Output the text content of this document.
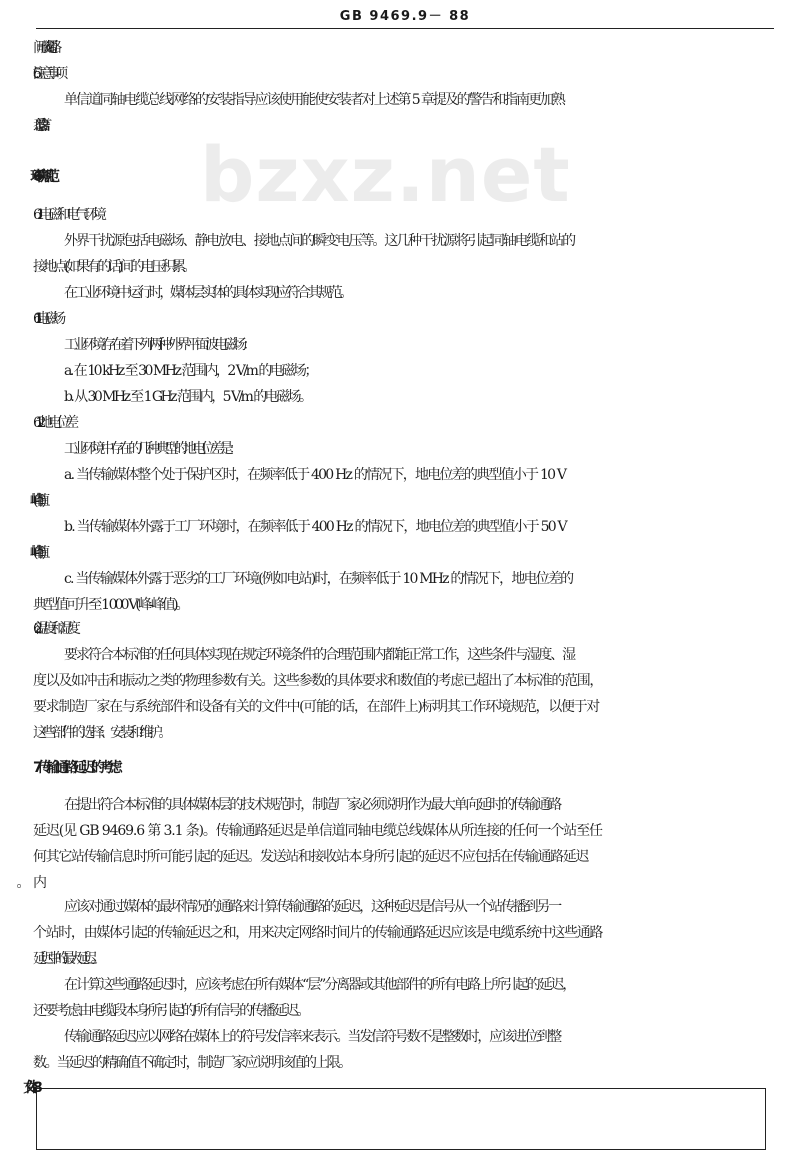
GB 9469.9－ 88
bzxz.net
间形成通路。
5.6 注意事项
单信道同轴电缆总线网络的安装指导应该使用能使安装者对上述第 5 章提及的警告和指南更加熟
悉的语言。
6 环境规范
6.1 电磁和电气环境
外界干扰源包括电磁场、静电放电、接地点间的瞬变电压等。这几种干扰源将引起同轴电缆和站的
接地点(如果有的话)间的电压积累。
在工业环境中运行时，媒体层实体的具体实现应符合其规范。
6.1.1 电磁场
工业环境存在着下列两种外界平面波电磁场：
a. 在 10 kHz 至 30 MHz 范围内，2 V/m 的电磁场；
b. 从 30 MHz 至 1 GHz 范围内，5 V/m 的电磁场。
6.1.2 地电位差
工业环境中存在的几种典型的地电位差是：
a. 当传输媒体整个处于保护区时，在频率低于 400 Hz 的情况下，地电位差的典型值小于 10 V
(峰-峰值)；
b. 当传输媒体外露于工厂环境时，在频率低于 400 Hz 的情况下，地电位差的典型值小于 50 V
(峰-峰值)；
c. 当传输媒体外露于恶劣的工厂环境(例如电站)时，在频率低于 10 MHz 的情况下，地电位差的
典型值可升至 1 000 V(峰-峰值)。
6.2 温度和湿度
要求符合本标准的任何具体实现在规定环境条件的合理范围内都能正常工作，这些条件与湿度、湿
度以及如冲击和振动之类的物理参数有关。这些参数的具体要求和数值的考虑已超出了本标准的范围，
要求制造厂家在与系统部件和设备有关的文件中(可能的话，在部件上)标明其工作环境规范，以便于对
这些部件的选择、安装和维护。
7 传输通路延迟的考虑
在提出符合本标准的具体媒体层的技术规范时，制造厂家必须说明作为最大单向延时的传输通路
延迟(见 GB 9469.6 第 3.1 条)。传输通路延迟是单信道同轴电缆总线媒体从所连接的任何一个站至任
何其它站传输信息时所可能引起的延迟。发送站和接收站本身所引起的延迟不应包括在传输通路延迟
应该对通过媒体的最坏情况的通路来计算传输通路的延迟，这种延迟是信号从一个站传播到另一
个站时，由媒体引起的传输延迟之和，用来决定网络时间片的传输通路延迟应该是电缆系统中这些通路
延迟中的最大延迟。
在计算这些通路延迟时，应该考虑在所有媒体“层”分离器或其他部件的所有电路上所引起的延迟，
还要考虑由电缆段本身所引起的所有信号的传播延迟。
传输通路延迟应以网络在媒体上的符号发信率来表示。当发信符号数不是整数时，应该进位到整
数。当延迟的精确值不确定时，制造厂家应说明该值的上限。
